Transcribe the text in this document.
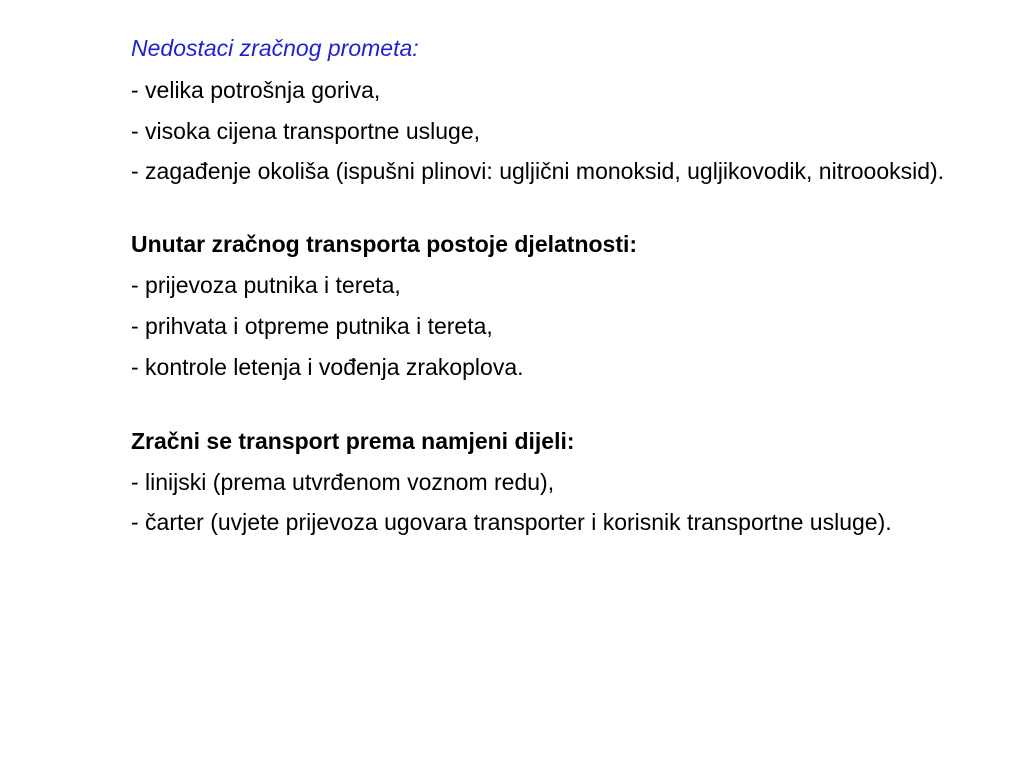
Nedostaci zračnog prometa:
- velika potrošnja goriva,
- visoka cijena transportne usluge,
- zagađenje okoliša (ispušni plinovi: ugljični monoksid, ugljikovodik, nitroooksid).
Unutar zračnog transporta postoje djelatnosti:
- prijevoza putnika i tereta,
- prihvata i otpreme putnika i tereta,
- kontrole letenja i vođenja zrakoplova.
Zračni se transport prema namjeni dijeli:
- linijski (prema utvrđenom voznom redu),
- čarter (uvjete prijevoza ugovara transporter i korisnik transportne usluge).
